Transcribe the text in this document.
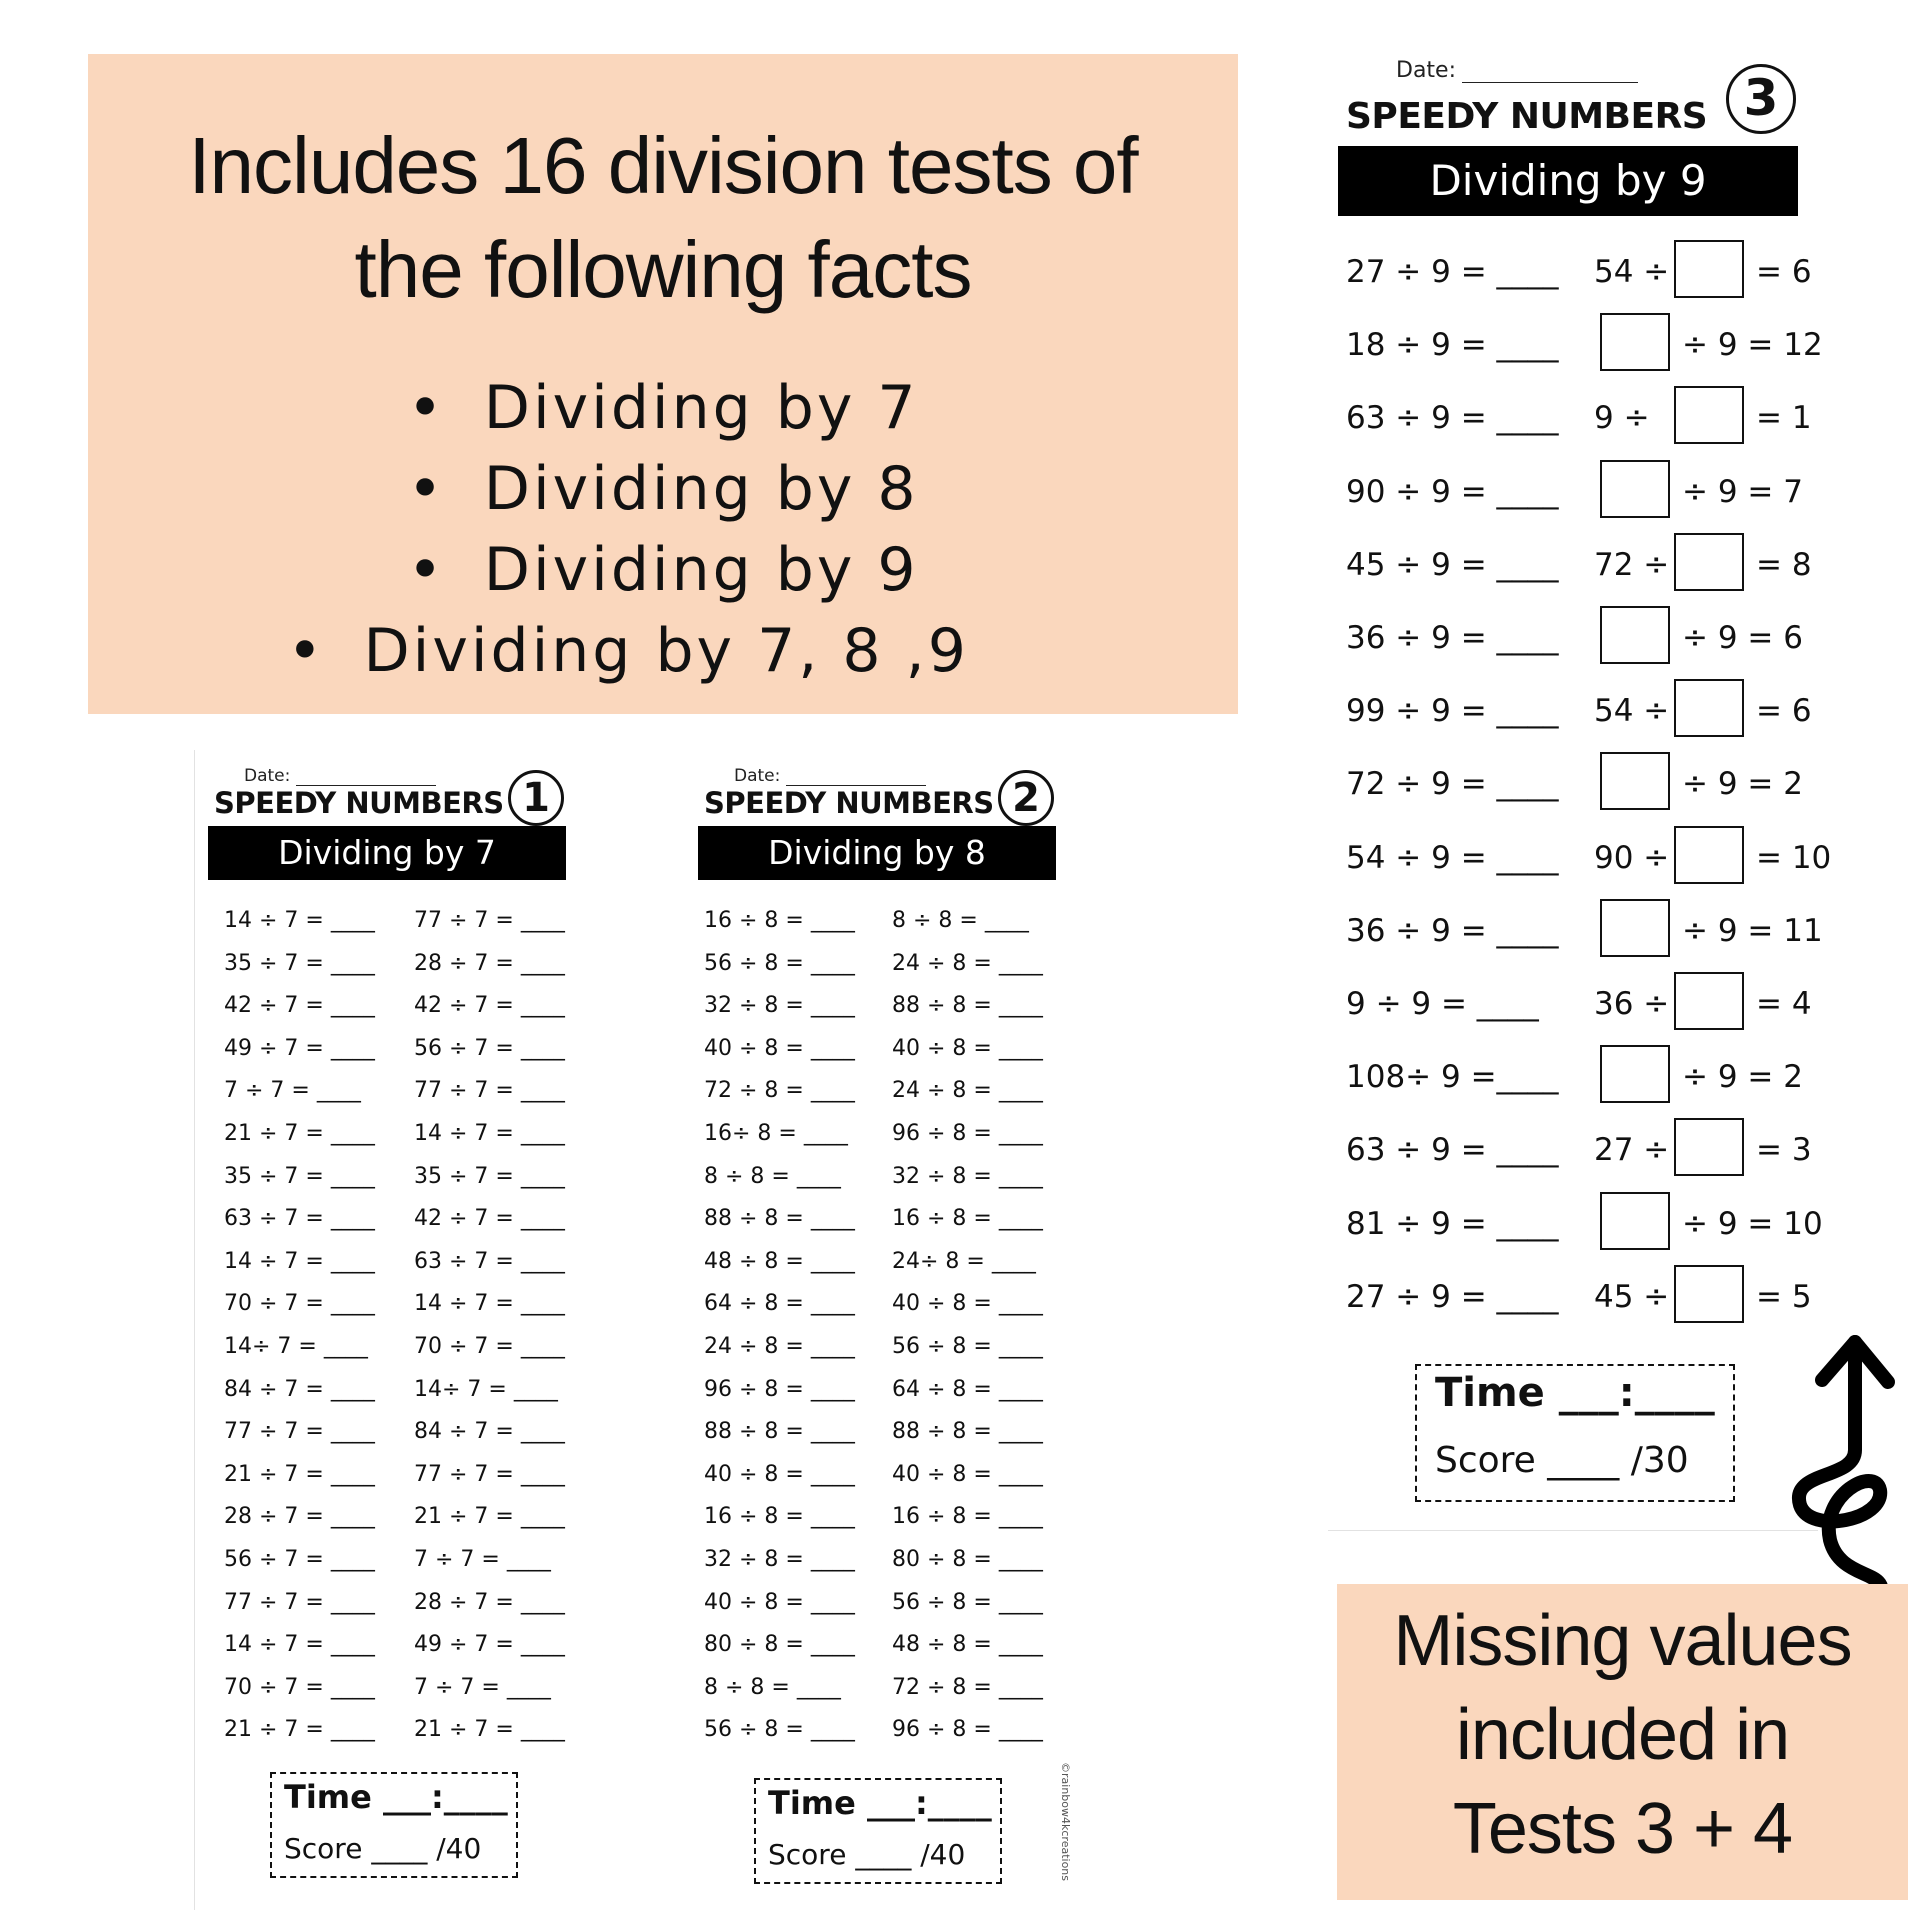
Includes 16 division tests of
the following facts
• Dividing by 7
• Dividing by 8
• Dividing by 9
• Dividing by 7, 8 ,9
Date:
SPEEDY NUMBERS 1
Dividing by 7
14 ÷ 7 = ____ 77 ÷ 7 = ____
35 ÷ 7 = ____ 28 ÷ 7 = ____
42 ÷ 7 = ____ 42 ÷ 7 = ____
49 ÷ 7 = ____ 56 ÷ 7 = ____
7 ÷ 7 = ____ 77 ÷ 7 = ____
21 ÷ 7 = ____ 14 ÷ 7 = ____
35 ÷ 7 = ____ 35 ÷ 7 = ____
63 ÷ 7 = ____ 42 ÷ 7 = ____
14 ÷ 7 = ____ 63 ÷ 7 = ____
70 ÷ 7 = ____ 14 ÷ 7 = ____
14÷ 7 = ____ 70 ÷ 7 = ____
84 ÷ 7 = ____ 14÷ 7 = ____
77 ÷ 7 = ____ 84 ÷ 7 = ____
21 ÷ 7 = ____ 77 ÷ 7 = ____
28 ÷ 7 = ____ 21 ÷ 7 = ____
56 ÷ 7 = ____ 7 ÷ 7 = ____
77 ÷ 7 = ____ 28 ÷ 7 = ____
14 ÷ 7 = ____ 49 ÷ 7 = ____
70 ÷ 7 = ____ 7 ÷ 7 = ____
21 ÷ 7 = ____ 21 ÷ 7 = ____
Time ___:____
Score ____ /40
Date:
SPEEDY NUMBERS 2
Dividing by 8
16 ÷ 8 = ____ 8 ÷ 8 = ____
56 ÷ 8 = ____ 24 ÷ 8 = ____
32 ÷ 8 = ____ 88 ÷ 8 = ____
40 ÷ 8 = ____ 40 ÷ 8 = ____
72 ÷ 8 = ____ 24 ÷ 8 = ____
16÷ 8 = ____ 96 ÷ 8 = ____
8 ÷ 8 = ____ 32 ÷ 8 = ____
88 ÷ 8 = ____ 16 ÷ 8 = ____
48 ÷ 8 = ____ 24÷ 8 = ____
64 ÷ 8 = ____ 40 ÷ 8 = ____
24 ÷ 8 = ____ 56 ÷ 8 = ____
96 ÷ 8 = ____ 64 ÷ 8 = ____
88 ÷ 8 = ____ 88 ÷ 8 = ____
40 ÷ 8 = ____ 40 ÷ 8 = ____
16 ÷ 8 = ____ 16 ÷ 8 = ____
32 ÷ 8 = ____ 80 ÷ 8 = ____
40 ÷ 8 = ____ 56 ÷ 8 = ____
80 ÷ 8 = ____ 48 ÷ 8 = ____
8 ÷ 8 = ____ 72 ÷ 8 = ____
56 ÷ 8 = ____ 96 ÷ 8 = ____
Time ___:____
Score ____ /40	©rainbow4kcreations
Date:
SPEEDY NUMBERS 3
Dividing by 9
27 ÷ 9 = ____ 54 ÷	= 6
18 ÷ 9 = ____	÷ 9 = 12
63 ÷ 9 = ____ 9 ÷	= 1
90 ÷ 9 = ____	÷ 9 = 7
45 ÷ 9 = ____ 72 ÷	= 8
36 ÷ 9 = ____	÷ 9 = 6
99 ÷ 9 = ____ 54 ÷	= 6
72 ÷ 9 = ____	÷ 9 = 2
54 ÷ 9 = ____ 90 ÷	= 10
36 ÷ 9 = ____	÷ 9 = 11
9 ÷ 9 = ____ 36 ÷	= 4
108÷ 9 =____	÷ 9 = 2
63 ÷ 9 = ____ 27 ÷	= 3
81 ÷ 9 = ____	÷ 9 = 10
27 ÷ 9 = ____ 45 ÷	= 5
Time ___:____
Score ____ /30

Missing values
included in
Tests 3 + 4
